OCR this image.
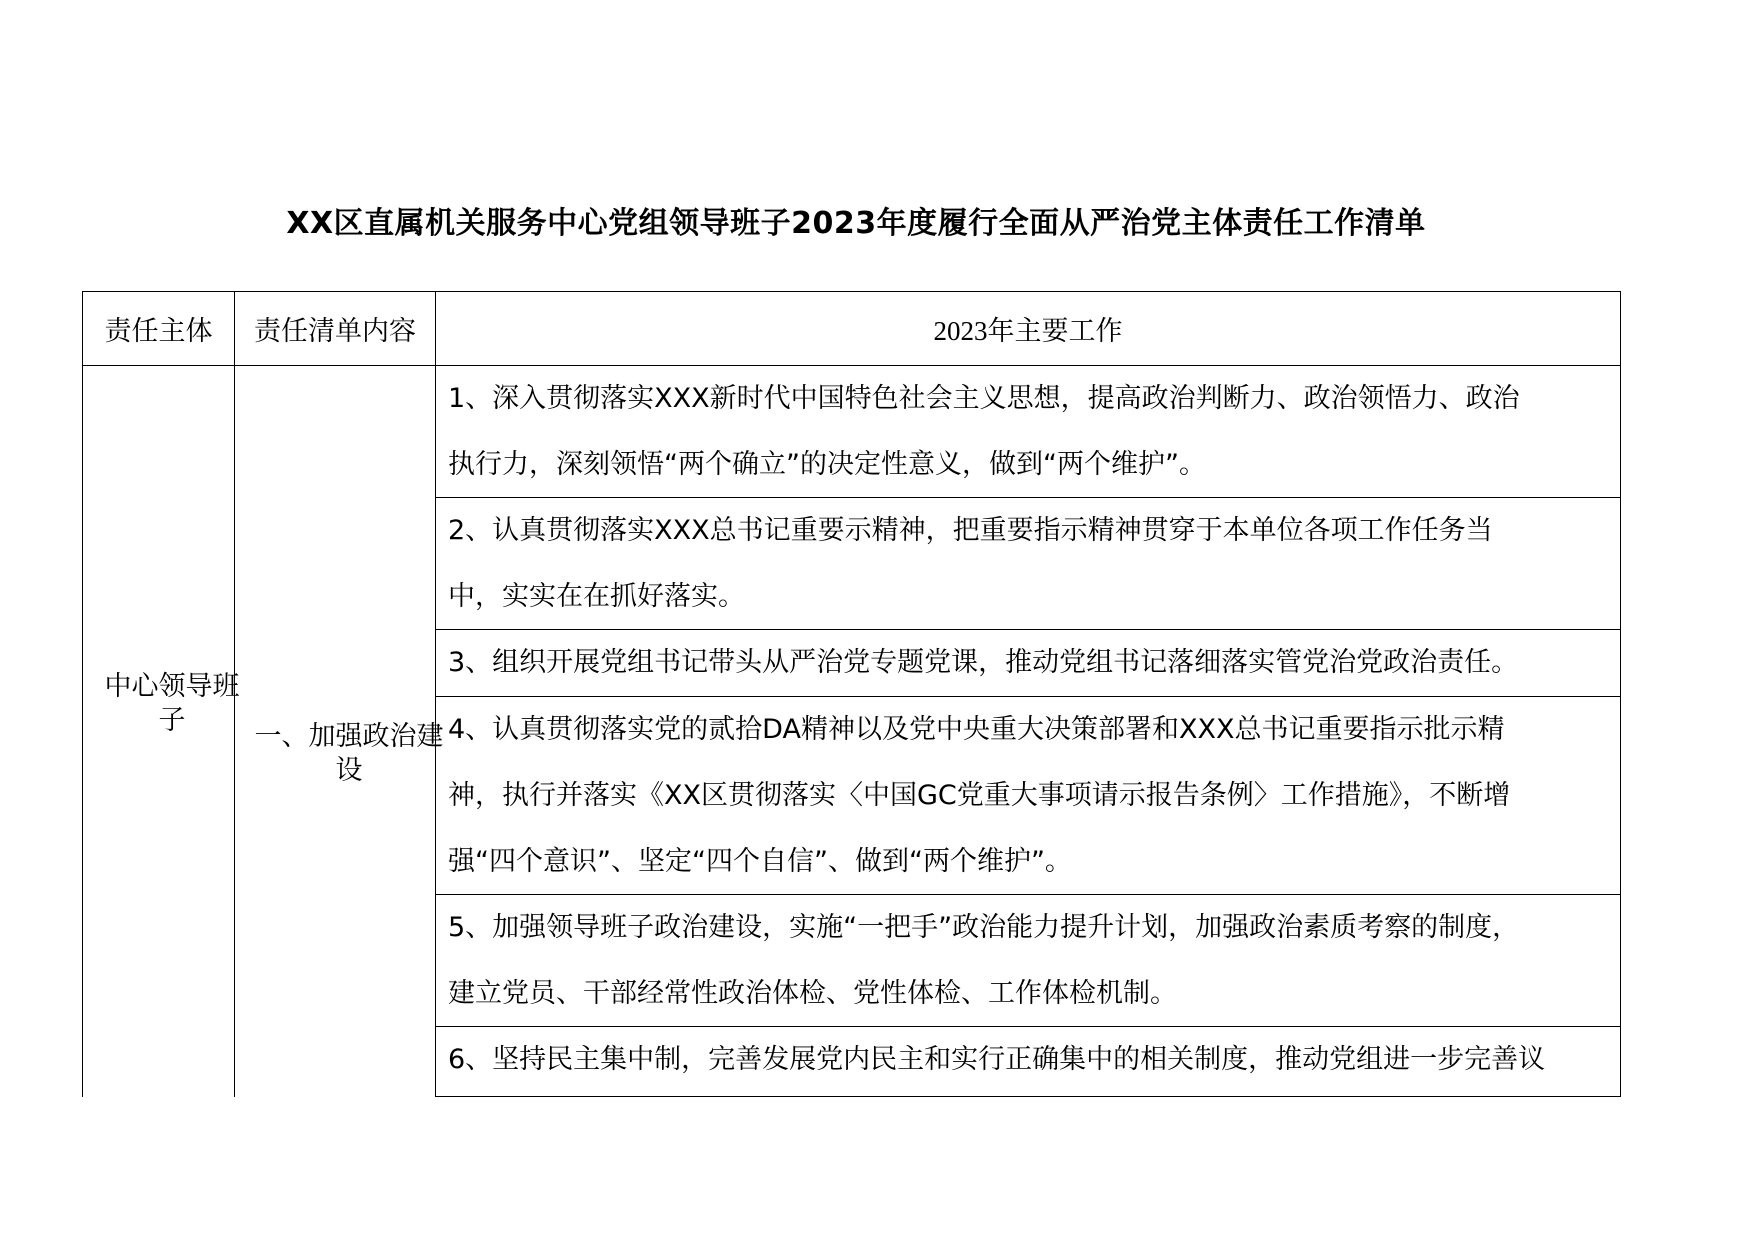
XX区直属机关服务中心党组领导班子2023年度履行全面从严治党主体责任工作清单
责任主体	责任清单内容	2023年主要工作
中心领导班
子
一、加强政治建
设
1、深入贯彻落实XXX新时代中国特色社会主义思想，提高政治判断力、政治领悟力、政治
执行力，深刻领悟“两个确立”的决定性意义，做到“两个维护”。
2、认真贯彻落实XXX总书记重要示精神，把重要指示精神贯穿于本单位各项工作任务当
中，实实在在抓好落实。
3、组织开展党组书记带头从严治党专题党课，推动党组书记落细落实管党治党政治责任。
4、认真贯彻落实党的贰拾DA精神以及党中央重大决策部署和XXX总书记重要指示批示精
神，执行并落实《XX区贯彻落实〈中国GC党重大事项请示报告条例〉工作措施》，不断增
强“四个意识”、坚定“四个自信”、做到“两个维护”。
5、加强领导班子政治建设，实施“一把手”政治能力提升计划，加强政治素质考察的制度，
建立党员、干部经常性政治体检、党性体检、工作体检机制。
6、坚持民主集中制，完善发展党内民主和实行正确集中的相关制度，推动党组进一步完善议
